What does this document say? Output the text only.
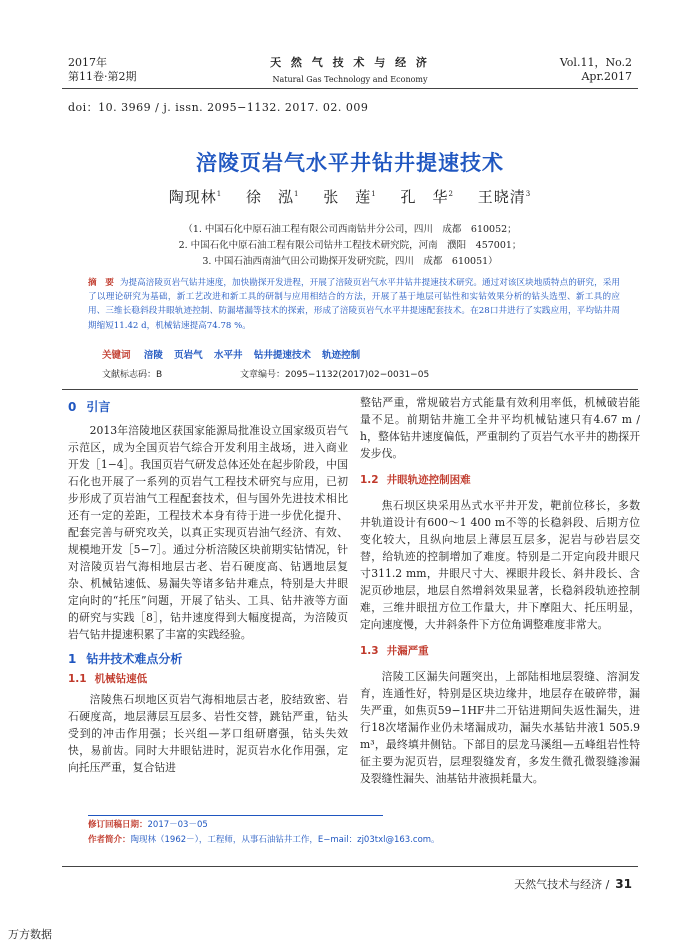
2017年
第11卷·第2期
天 然 气 技 术 与 经 济
Natural Gas Technology and Economy
Vol.11，No.2
Apr.2017
doi：10. 3969 / j. issn. 2095−1132. 2017. 02. 009
涪陵页岩气水平井钻井提速技术
陶现林$^1$ 徐　泓$^1$ 张　莲$^1$ 孔　华$^2$ 王晓清$^3$
（1. 中国石化中原石油工程有限公司西南钻井分公司，四川　成都　610052；
2. 中国石化中原石油工程有限公司钻井工程技术研究院，河南　濮阳　457001；
3. 中国石油西南油气田公司勘探开发研究院，四川　成都　610051）
摘　要 为提高涪陵页岩气钻井速度，加快勘探开发进程，开展了涪陵页岩气水平井钻井提速技术研究。通过对该区块地质特点的研究，采用了以理论研究为基础，新工艺改进和新工具的研制与应用相结合的方法，开展了基于地层可钻性和实钻效果分析的钻头选型、新工具的应用、三维长稳斜段井眼轨迹控制、防漏堵漏等技术的探索，形成了涪陵页岩气水平井提速配套技术。在28口井进行了实践应用，平均钻井周期缩短11.42 d，机械钻速提高74.78 %。
关键词 涪陵 页岩气 水平井 钻井提速技术 轨迹控制
文献标志码：B	文章编号：2095−1132(2017)02−0031−05
0 引言

2013年涪陵地区获国家能源局批准设立国家级页岩气示范区，成为全国页岩气综合开发利用主战场，进入商业开发［1−4］。我国页岩气研发总体还处在起步阶段，中国石化也开展了一系列的页岩气工程技术研究与应用，已初步形成了页岩油气工程配套技术，但与国外先进技术相比还有一定的差距，工程技术本身有待于进一步优化提升、配套完善与研究攻关，以真正实现页岩油气经济、有效、规模地开发［5−7］。通过分析涪陵区块前期实钻情况，针对涪陵页岩气海相地层古老、岩石硬度高、钻遇地层复杂、机械钻速低、易漏失等诸多钻井难点，特别是大井眼定向时的“托压”问题，开展了钻头、工具、钻井液等方面的研究与实践［8］，钻井速度得到大幅度提高，为涪陵页岩气钻井提速积累了丰富的实践经验。

1 钻井技术难点分析
1.1 机械钻速低

涪陵焦石坝地区页岩气海相地层古老，胶结致密、岩石硬度高，地层薄层互层多、岩性交替，跳钻严重，钻头受到的冲击作用强；长兴组—茅口组研磨强，钻头失效快，易前齿。同时大井眼钻进时，泥页岩水化作用强，定向托压严重，复合钻进

整钻严重，常规破岩方式能量有效利用率低，机械破岩能量不足。前期钻井施工全井平均机械钻速只有4.67 m / h，整体钻井速度偏低，严重制约了页岩气水平井的勘探开发步伐。

1.2 井眼轨迹控制困难

焦石坝区块采用丛式水平井开发，靶前位移长，多数井轨道设计有600～1 400 m不等的长稳斜段、后期方位变化较大，且纵向地层上薄层互层多，泥岩与砂岩层交替，给轨迹的控制增加了难度。特别是二开定向段井眼尺寸311.2 mm，井眼尺寸大、裸眼井段长、斜井段长、含泥页砂地层，地层自然增斜效果显著，长稳斜段轨迹控制难，三维井眼扭方位工作量大，井下摩阻大、托压明显，定向速度慢，大井斜条件下方位角调整难度非常大。

1.3 井漏严重

涪陵工区漏失问题突出，上部陆相地层裂缝、溶洞发育，连通性好，特别是区块边缘井，地层存在破碎带，漏失严重，如焦页59−1HF井二开钻进期间失返性漏失，进行18次堵漏作业仍未堵漏成功，漏失水基钻井液1 505.9 m³，最终填井侧钻。下部目的层龙马溪组—五峰组岩性特征主要为泥页岩，层理裂缝发育，多发生微孔微裂缝渗漏及裂缝性漏失、油基钻井液损耗量大。

修订回稿日期：2017－03－05
作者简介：陶现林（1962－），工程师，从事石油钻井工作，E−mail：zj03txl@163.com。
天然气技术与经济 / 31
万方数据
